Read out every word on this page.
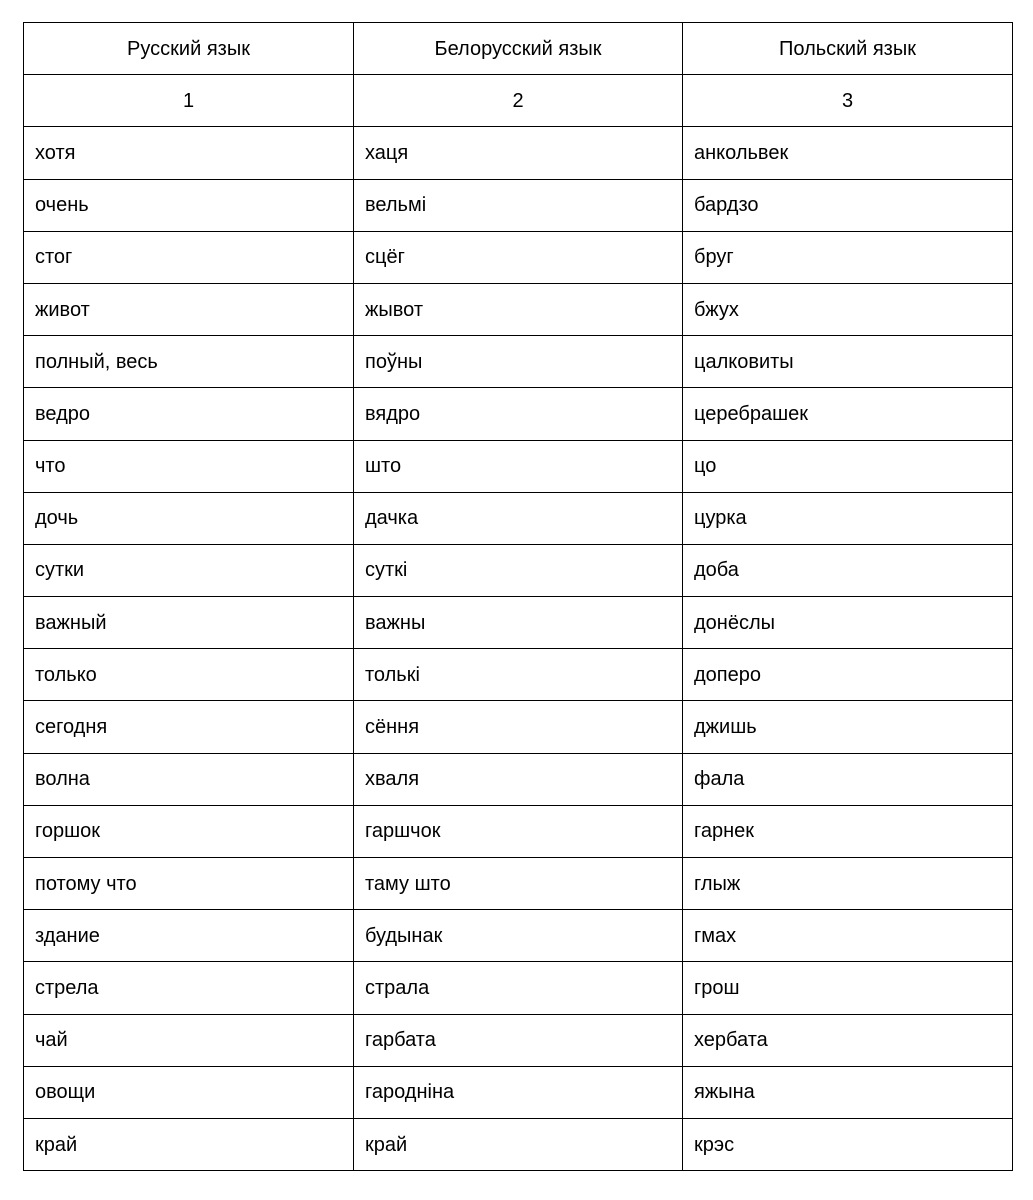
Русский язык	Белорусский язык	Польский язык
1	2	3
хотя	хаця	анкольвек
очень	вельмі	бардзо
стог	сцёг	бруг
живот	жывот	бжух
полный, весь	поўны	цалковиты
ведро	вядро	церебрашек
что	што	цо
дочь	дачка	цурка
сутки	суткі	доба
важный	важны	донёслы
только	толькі	доперо
сегодня	сёння	джишь
волна	хваля	фала
горшок	гаршчок	гарнек
потому что	таму што	глыж
здание	будынак	гмах
стрела	страла	грош
чай	гарбата	хербата
овощи	гародніна	яжына
край	край	крэс
